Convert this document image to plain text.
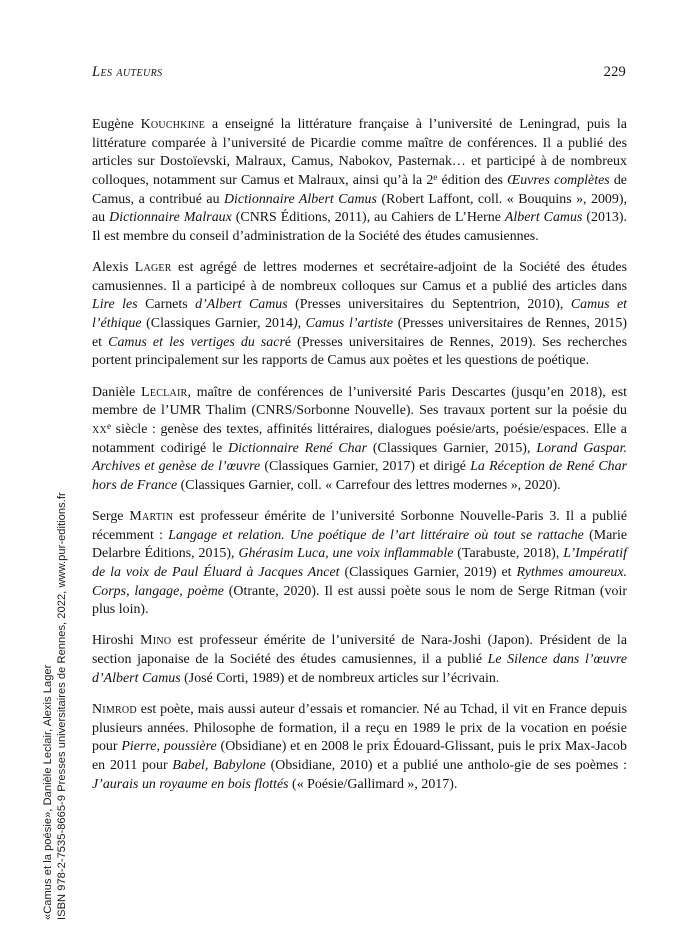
Les auteurs	229

Eugène Kouchkine a enseigné la littérature française à l’université de Leningrad, puis la littérature comparée à l’université de Picardie comme maître de conférences. Il a publié des articles sur Dostoïevski, Malraux, Camus, Nabokov, Pasternak… et participé à de nombreux colloques, notamment sur Camus et Malraux, ainsi qu’à la 2e édition des Œuvres complètes de Camus, a contribué au Dictionnaire Albert Camus (Robert Laffont, coll. « Bouquins », 2009), au Dictionnaire Malraux (CNRS Éditions, 2011), au Cahiers de L’Herne Albert Camus (2013). Il est membre du conseil d’administration de la Société des études camusiennes.

Alexis Lager est agrégé de lettres modernes et secrétaire-adjoint de la Société des études camusiennes. Il a participé à de nombreux colloques sur Camus et a publié des articles dans Lire les Carnets d’Albert Camus (Presses universitaires du Septentrion, 2010), Camus et l’éthique (Classiques Garnier, 2014), Camus l’artiste (Presses universitaires de Rennes, 2015) et Camus et les vertiges du sacré (Presses universitaires de Rennes, 2019). Ses recherches portent principalement sur les rapports de Camus aux poètes et les questions de poétique.

Danièle Leclair, maître de conférences de l’université Paris Descartes (jusqu’en 2018), est membre de l’UMR Thalim (CNRS/Sorbonne Nouvelle). Ses travaux portent sur la poésie du $xx^e$ siècle : genèse des textes, affinités littéraires, dialogues poésie/arts, poésie/espaces. Elle a notamment codirigé le Dictionnaire René Char (Classiques Garnier, 2015), Lorand Gaspar. Archives et genèse de l’œuvre (Classiques Garnier, 2017) et dirigé La Réception de René Char hors de France (Classiques Garnier, coll. « Carrefour des lettres modernes », 2020).

Serge Martin est professeur émérite de l’université Sorbonne Nouvelle-Paris 3. Il a publié récemment : Langage et relation. Une poétique de l’art littéraire où tout se rattache (Marie Delarbre Éditions, 2015), Ghérasim Luca, une voix inflammable (Tarabuste, 2018), L’Impératif de la voix de Paul Éluard à Jacques Ancet (Classiques Garnier, 2019) et Rythmes amoureux. Corps, langage, poème (Otrante, 2020). Il est aussi poète sous le nom de Serge Ritman (voir plus loin).

Hiroshi Mino est professeur émérite de l’université de Nara-Joshi (Japon). Président de la section japonaise de la Société des études camusiennes, il a publié Le Silence dans l’œuvre d’Albert Camus (José Corti, 1989) et de nombreux articles sur l’écrivain.

Nimrod est poète, mais aussi auteur d’essais et romancier. Né au Tchad, il vit en France depuis plusieurs années. Philosophe de formation, il a reçu en 1989 le prix de la vocation en poésie pour Pierre, poussière (Obsidiane) et en 2008 le prix Édouard-Glissant, puis le prix Max-Jacob en 2011 pour Babel, Babylone (Obsidiane, 2010) et a publié une antholo-gie de ses poèmes : J’aurais un royaume en bois flottés (« Poésie/Gallimard », 2017).

«Camus et la poésie», Danièle Leclair, Alexis Lager ISBN 978-2-7535-8665-9 Presses universitaires de Rennes, 2022, www.pur-editions.fr
